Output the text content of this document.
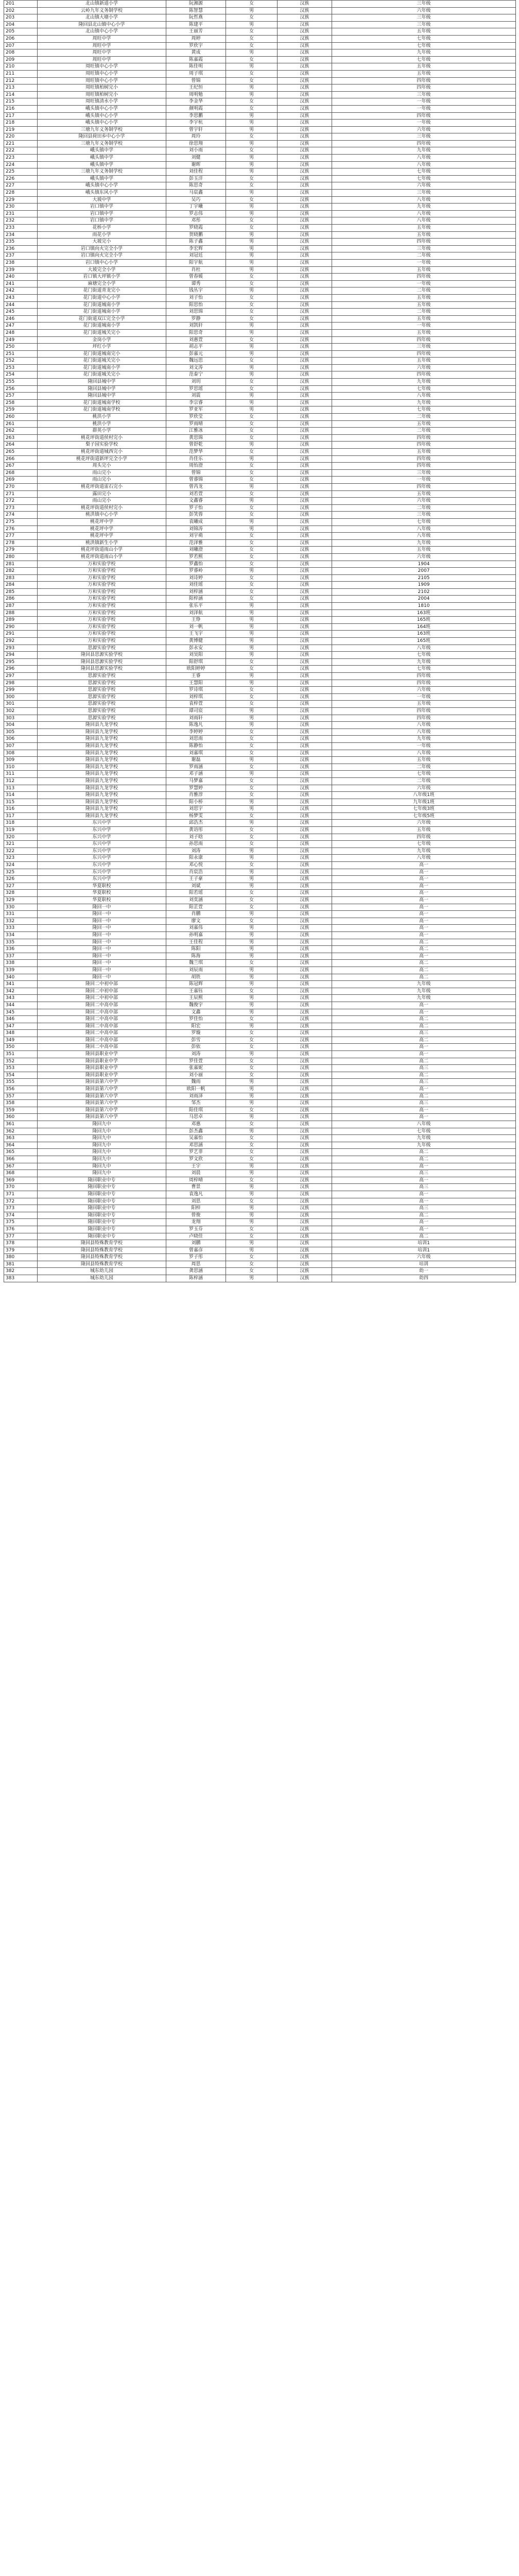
201	北山镇新道小学	阮湘源	女	汉族	三年级
202	云岭九年义务制学校	陈智慧	男	汉族	六年级
203	北山镇大塘小学	阮哲燕	女	汉族	三年级
204	隆回县北山镇中心小学	陈建平	男	汉族	三年级
205	北山镇中心小学	王丽芳	女	汉族	五年级
206	周旺中学	周婷	女	汉族	七年级
207	周旺中学	罗欣宇	女	汉族	七年级
208	周旺中学	黄成	男	汉族	九年级
209	周旺中学	陈嘉霞	女	汉族	七年级
210	周旺镇中心小学	陈佳明	男	汉族	五年级
211	周旺镇中心小学	周子琪	女	汉族	五年级
212	周旺镇中心小学	曾锦	女	汉族	四年级
213	周旺镇柏树完小	王纪恒	男	汉族	四年级
214	周旺镇柏树完小	周明勉	男	汉族	三年级
215	周旺镇清水小学	李金华	女	汉族	一年级
216	峨头镇中心小学	颜明霞	女	汉族	一年级
217	峨头镇中心小学	李思鹏	男	汉族	四年级
218	峨头镇中心小学	李宇杭	男	汉族	一年级
219	三塘九年义务制学校	曾宇轩	男	汉族	六年级
220	隆回县荷田乡中心小学	周玲	女	汉族	三年级
221	三塘九年义务制学校	徐思翔	男	汉族	四年级
222	峨头镇中学	刘小雨	女	汉族	九年级
223	峨头镇中学	刘健	男	汉族	八年级
224	峨头镇中学	谢晖	男	汉族	八年级
225	三塘九年义务制学校	刘佳程	男	汉族	七年级
226	峨头镇中学	彭玉洋	女	汉族	七年级
227	峨头镇中心小学	陈思奇	女	汉族	六年级
228	峨头镇东风小学	马宸鑫	男	汉族	三年级
229	大坡中学	吴巧	女	汉族	八年级
230	岩口镇中学	丁宇曦	男	汉族	九年级
231	岩口镇中学	罗志伟	男	汉族	八年级
232	岩口镇中学	邓彤	女	汉族	八年级
233	花桥小学	罗晓霞	女	汉族	五年级
234	雨花小学	贺晓鹏	男	汉族	五年级
235	大坡完小	陈子鑫	男	汉族	四年级
236	岩口镇向火完全小学	李宏辉	男	汉族	三年级
237	岩口镇向火完全小学	刘冠廷	男	汉族	二年级
238	岩口镇中心小学	阳宇航	男	汉族	一年级
239	大坡完全小学	肖杜	男	汉族	五年级
240	岩口镇大坪镇小学	曾春媛	女	汉族	四年级
241	麻塘完全小学	谭秀	女	汉族	一年级
242	花门街道青龙完小	钱丛宇	男	汉族	二年级
243	花门街道中心小学	刘子怡	女	汉族	五年级
244	花门街道城南小学	阳思怡	女	汉族	五年级
245	花门街道城南小学	刘思锦	女	汉族	二年级
246	花门街道双江完全小学	罗静	女	汉族	五年级
247	花门街道城南小学	刘凯轩	男	汉族	一年级
248	花门街道城关完小	阳思奇	男	汉族	五年级
249	金岗小学	刘惠萱	女	汉族	四年级
250	坪红小学	胡志平	男	汉族	三年级
251	花门街道城南完小	彭嘉元	男	汉族	四年级
252	花门街道城关完小	魏远思	女	汉族	五年级
253	花门街道城南小学	刘文涛	男	汉族	六年级
254	花门街道城关完小	范泰宁	男	汉族	四年级
255	隆回县城中学	刘玥	女	汉族	九年级
256	隆回县城中学	罗思瑶	女	汉族	七年级
257	隆回县城中学	刘震	男	汉族	八年级
258	花门街道城南学校	李宗睿	男	汉族	九年级
259	花门街道城南学校	罗亚军	男	汉族	七年级
260	桃洪小学	罗欣莹	女	汉族	二年级
261	桃洪小学	罗雨晴	女	汉族	五年级
262	群英小学	江雅冰	女	汉族	二年级
263	桃花坪街道侯村完小	黄思锦	女	汉族	四年级
264	梨子园实验学校	曾舒乾	男	汉族	四年级
265	桃花坪街道城西完小	范梦华	女	汉族	五年级
266	桃花坪街道新坪完全小学	肖佳乐	男	汉族	四年级
267	周头完小	周怡澄	女	汉族	四年级
268	雨山完小	曾锦	女	汉族	三年级
269	雨山完小	曾睿锦	女	汉族	一年级
270	桃花坪街道雷石完小	曾芮龙	男	汉族	四年级
271	露田完小	刘若萱	女	汉族	五年级
272	雨山完小	文鑫睿	男	汉族	六年级
273	桃花坪街道侯村完小	罗子怡	女	汉族	二年级
274	桃洪镇中心小学	彭笑蓉	女	汉族	三年级
275	桃花坪中学	袁曦成	男	汉族	七年级
276	桃花坪中学	刘锦涛	男	汉族	八年级
277	桃花坪中学	刘宇萌	女	汉族	八年级
278	桃洪镇新生小学	范泽雅	女	汉族	九年级
279	桃花坪街道雨山小学	刘曦澄	女	汉族	五年级
280	桃花坪街道雨山小学	罗若熙	女	汉族	六年级
281	万和实验学校	罗鑫怡	女	汉族	1904
282	万和实验学校	罗睿岭	男	汉族	2007
283	万和实验学校	刘诗婷	女	汉族	2105
284	万和实验学校	刘佳瑶	女	汉族	1909
285	万和实验学校	刘梓涵	女	汉族	2102
286	万和实验学校	阳梓涵	女	汉族	2004
287	万和实验学校	张乐平	男	汉族	1810
288	万和实验学校	刘泽航	男	汉族	163班
289	万和实验学校	王铮	男	汉族	165班
290	万和实验学校	刘一帆	男	汉族	164班
291	万和实验学校	王飞宇	男	汉族	163班
292	万和实验学校	黄博健	男	汉族	165班
293	思源实验学校	彭永安	男	汉族	八年级
294	隆回县思源实验学校	刘昊阳	男	汉族	七年级
295	隆回县思源实验学校	阳舒琪	女	汉族	九年级
296	隆回县思源实验学校	欧阳婷婷	女	汉族	七年级
297	思源实验学校	王睿	男	汉族	四年级
298	思源实验学校	王慧阳	男	汉族	四年级
299	思源实验学校	罗诗琪	女	汉族	六年级
300	思源实验学校	刘梓琪	女	汉族	一年级
301	思源实验学校	袁梓萱	女	汉族	五年级
302	思源实验学校	谭司宸	男	汉族	四年级
303	思源实验学校	刘雨轩	男	汉族	四年级
304	隆回县九龙学校	陈逸凡	男	汉族	八年级
305	隆回县九龙学校	李婷婷	女	汉族	八年级
306	隆回县九龙学校	刘思雨	女	汉族	九年级
307	隆回县九龙学校	陈静怡	女	汉族	一年级
308	隆回县九龙学校	刘嘉琪	女	汉族	八年级
309	隆回县九龙学校	谢磊	男	汉族	五年级
310	隆回县九龙学校	罗雨涵	女	汉族	二年级
311	隆回县九龙学校	邓子涵	男	汉族	七年级
312	隆回县九龙学校	马梦嘉	女	汉族	二年级
313	隆回县九龙学校	罗慧婷	女	汉族	六年级
314	隆回县九龙学校	肖雅淳	女	汉族	八年级1班
315	隆回县九龙学校	阳小桥	男	汉族	九年级1班
316	隆回县九龙学校	刘思宇	男	汉族	七年级3班
317	隆回县九龙学校	杨梦雯	女	汉族	七年级5班
318	东兴中学	邱浩杰	男	汉族	六年级
319	东兴中学	黄语彤	女	汉族	五年级
320	东兴中学	刘子晗	女	汉族	四年级
321	东兴中学	孙思雨	女	汉族	七年级
322	东兴中学	刘涛	男	汉族	九年级
323	东兴中学	阳永康	男	汉族	八年级
324	东兴中学	邓心悦	女	汉族	高一
325	东兴中学	肖宸浩	男	汉族	高一
326	东兴中学	王子豪	男	汉族	高一
327	华夏职校	刘斌	男	汉族	高一
328	华夏职校	阳若瑶	女	汉族	高一
329	华夏职校	刘奕涵	女	汉族	高一
330	隆回一中	阳芷萱	女	汉族	高一
331	隆回一中	肖鹏	男	汉族	高一
332	隆回一中	廖文	女	汉族	高一
333	隆回一中	刘嘉伟	男	汉族	高一
334	隆回一中	孙明嘉	男	汉族	高一
335	隆回一中	王佳程	男	汉族	高二
336	隆回一中	陈阳	男	汉族	高二
337	隆回一中	陈海	男	汉族	高一
338	隆回一中	魏兰琪	女	汉族	高二
339	隆回一中	刘辰雨	男	汉族	高二
340	隆回一中	胡铁	男	汉族	高二
341	隆回二中初中部	陈冠辉	男	汉族	九年级
342	隆回二中初中部	王嘉钰	女	汉族	九年级
343	隆回二中初中部	王辰熙	男	汉族	九年级
344	隆回二中高中部	魏俊宇	男	汉族	高一
345	隆回二中高中部	文鑫	男	汉族	高一
346	隆回二中高中部	罗佳怡	女	汉族	高二
347	隆回二中高中部	阳宏	男	汉族	高二
348	隆回二中高中部	罗璇	女	汉族	高三
349	隆回二中高中部	彭雪	女	汉族	高二
350	隆回二中高中部	彭依	女	汉族	高一
351	隆回县职业中学	刘涛	男	汉族	高一
352	隆回县职业中学	罗佳萱	女	汉族	高二
353	隆回县职业中学	张嘉妮	女	汉族	高三
354	隆回县职业中学	刘小丽	女	汉族	高二
355	隆回县第六中学	魏雨	男	汉族	高三
356	隆回县第六中学	欧阳一帆	男	汉族	高一
357	隆回县第六中学	刘雨泽	男	汉族	高二
358	隆回县第六中学	邹杰	男	汉族	高三
359	隆回县第六中学	阳佳琪	女	汉族	高一
360	隆回县第六中学	马思卓	男	汉族	高一
361	隆回九中	邓惠	女	汉族	八年级
362	隆回九中	彭杰鑫	男	汉族	七年级
363	隆回九中	吴嘉怡	女	汉族	九年级
364	隆回九中	邓思涵	女	汉族	九年级
365	隆回九中	罗艺菲	女	汉族	高二
366	隆回九中	罗文欣	女	汉族	高二
367	隆回九中	王宇	男	汉族	高一
368	隆回九中	刘晨	男	汉族	高三
369	隆回职业中专	周梓晴	女	汉族	高一
370	隆回职业中专	曹景	男	汉族	高三
371	隆回职业中专	袁逸凡	男	汉族	高一
372	隆回职业中专	刘思	女	汉族	高一
373	隆回职业中专	阳梓	男	汉族	高三
374	隆回职业中专	曾俊	男	汉族	高二
375	隆回职业中专	龙翔	男	汉族	高一
376	隆回职业中专	罗玉芬	女	汉族	高一
377	隆回职业中专	卢晓佳	女	汉族	高二
378	隆回县特殊教育学校	刘鹏	男	汉族	培训1
379	隆回县特殊教育学校	曾嘉彦	男	汉族	培训1
380	隆回县特殊教育学校	罗子彤	女	汉族	六年级
381	隆回县特殊教育学校	周思	女	汉族	培训
382	城东幼儿园	龚思涵	女	汉族	幼一
383	城东幼儿园	陈梓涵	男	汉族	幼四
